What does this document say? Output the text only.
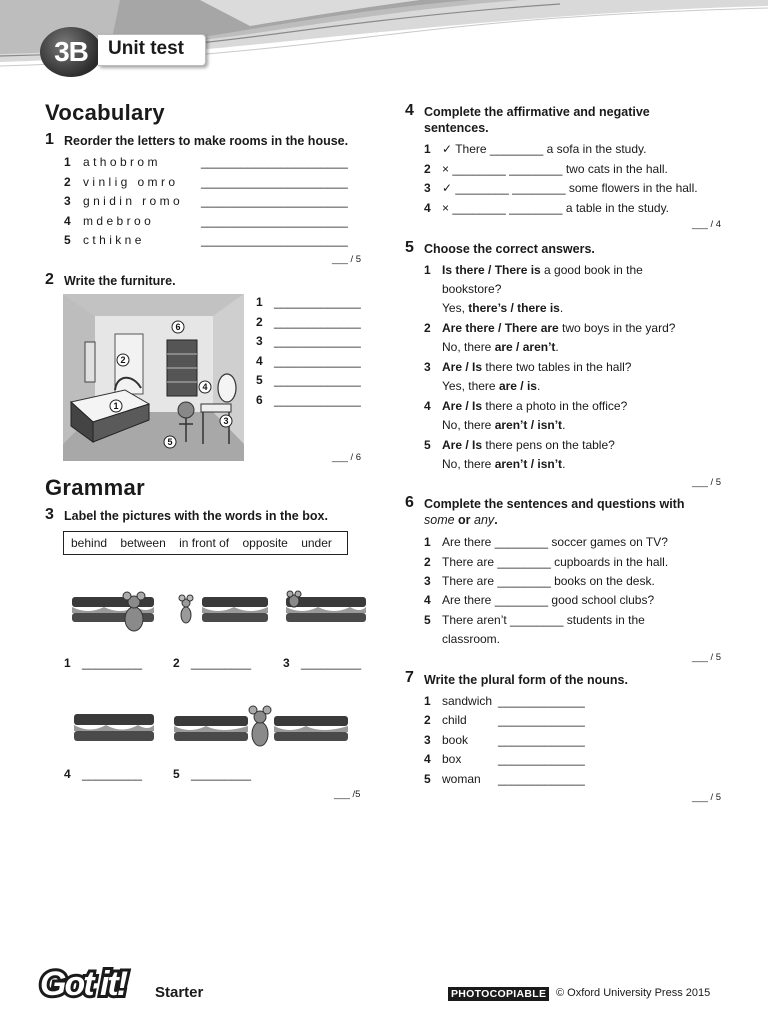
3B Unit test
Vocabulary
1 Reorder the letters to make rooms in the house.
1 athobrom	______________________
2 vinlig omro ______________________
3 gnidin romo ______________________
4 mdebroo	______________________
5 cthikne	______________________
___ / 5
2 Write the furniture.
1
2
3
4
5
6
1 _____________
2 _____________
3 _____________
4 _____________
5 _____________
6 _____________
___ / 6
Grammar
3 Label the pictures with the words in the box.
behind between in front of opposite under
1 _________	2 _________	3 _________
4 _________	5 _________
___ /5
4 Complete the affirmative and negative sentences.
1 ✓ There ________ a sofa in the study.
2 × ________ ________ two cats in the hall.
3 ✓ ________ ________ some flowers in the hall.
4 × ________ ________ a table in the study.
___ / 4
5 Choose the correct answers.
1 Is there / There is a good book in the
bookstore?
Yes, there’s / there is.
2 Are there / There are two boys in the yard?
No, there are / aren’t.
3 Are / Is there two tables in the hall?
Yes, there are / is.
4 Are / Is there a photo in the office?
No, there aren’t / isn’t.
5 Are / Is there pens on the table?
No, there aren’t / isn’t.
___ / 5
6 Complete the sentences and questions with
some or any.
1 Are there ________ soccer games on TV?
2 There are ________ cupboards in the hall.
3 There are ________ books on the desk.
4 Are there ________ good school clubs?
5 There aren’t ________ students in the
classroom.
___ / 5
7 Write the plural form of the nouns.
1 sandwich _____________
2 child	_____________
3 book _____________
4 box	_____________
5 woman _____________
___ / 5
Got it! Starter	PHOTOCOPIABLE © Oxford University Press 2015
